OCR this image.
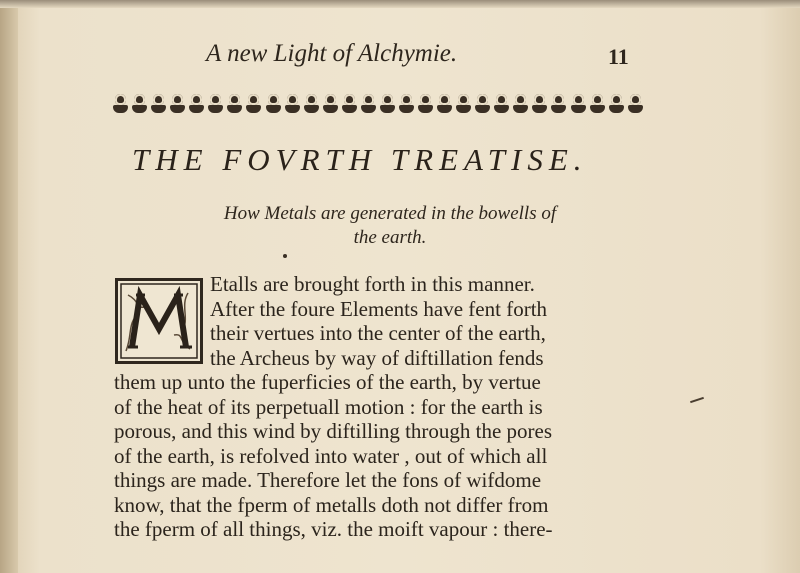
A new Light of Alchymie.	11
THE FOVRTH TREATISE.
How Metals are generated in the bowells of
the earth.
Etalls are brought forth in this manner.
After the foure Elements have fent forth
their vertues into the center of the earth,
the Archeus by way of diftillation fends
them up unto the fuperficies of the earth, by vertue
of the heat of its perpetuall motion : for the earth is
porous, and this wind by diftilling through the pores
of the earth, is refolved into water , out of which all
things are made. Therefore let the fons of wifdome
know, that the fperm of metalls doth not differ from
the fperm of all things, viz. the moift vapour : there-
